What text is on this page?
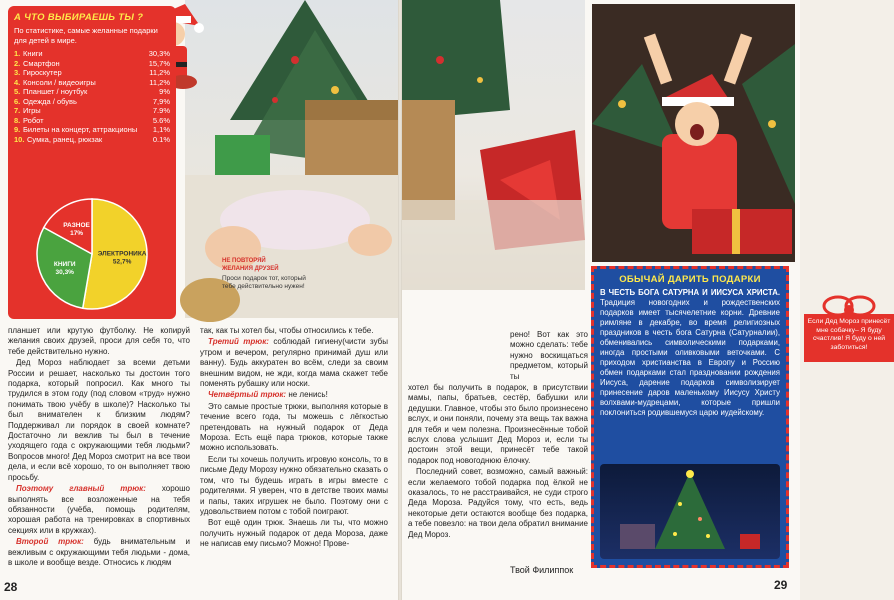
А ЧТО ВЫБИРАЕШЬ ТЫ ?
По статистике, самые желанные подарки для детей в мире.
1. Книги	30,3%
2. Смартфон	15,7%
3. Гироскутер	11,2%
4. Консоли / видеоигры	11,2%
5. Планшет / ноутбук	9%
6. Одежда / обувь	7,9%
7. Игры	7.9%
8. Робот	5.6%
9. Билеты на концерт, аттракционы	1,1%
10. Сумка, ранец, рюкзак	0.1%
ЭЛЕКТРОНИКА
52,7%
КНИГИ
30,3%
РАЗНОЕ
17%
НЕ ПОВТОРЯЙ
ЖЕЛАНИЯ ДРУЗЕЙ
Проси подарок тот, который тебе действительно нужен!

планшет или крутую футболку. Не копируй желания своих друзей, проси для себя то, что тебе действительно нужно.

Дед Мороз наблюдает за всеми детьми России и решает, насколько ты достоин того подарка, который попросил. Как много ты трудился в этом году (под словом «труд» нужно понимать твою учёбу в школе)? Насколько ты был внимателен к близким людям? Поддерживал ли порядок в своей комнате? Достаточно ли вежлив ты был в течение уходящего года с окружающими тебя людьми? Вопросов много! Дед Мороз смотрит на все твои дела, и если всё хорошо, то он выполняет твою просьбу.

Поэтому главный трюк: хорошо выполнять все возложенные на тебя обязанности (учёба, помощь родителям, хорошая работа на тренировках в спортивных секциях или в кружках).

Второй трюк: будь внимательным и вежливым с окружающими тебя людьми - дома, в школе и вообще везде. Относись к людям

так, как ты хотел бы, чтобы относились к тебе.

Третий трюк: соблюдай гигиену(чисти зубы утром и вечером, регулярно принимай душ или ванну). Будь аккуратен во всём, следи за своим внешним видом, не жди, когда мама скажет тебе поменять рубашку или носки.

Четвёртый трюк: не ленись!

Это самые простые трюки, выполняя которые в течение всего года, ты можешь с лёгкостью претендовать на нужный подарок от Деда Мороза. Есть ещё пара трюков, которые также можно использовать.

Если ты хочешь получить игровую консоль, то в письме Деду Морозу нужно обязательно сказать о том, что ты будешь играть в игры вместе с родителями. Я уверен, что в детстве твоих мамы и папы, таких игрушек не было. Поэтому они с удовольствием потом с тобой поиграют.

Вот ещё один трюк. Знаешь ли ты, что можно получить нужный подарок от деда Мороза, даже не написав ему письмо? Можно! Прове-

28
Если Дед Мороз принесёт мне собачку– Я буду счастлив! Я буду о ней заботиться!

рено! Вот как это можно сделать: тебе нужно воскищаться предметом, который ты

хотел бы получить в подарок, в присутствии мамы, папы, братьев, сестёр, бабушки или дедушки. Главное, чтобы это было произнесено вслух, и они поняли, почему эта вещь так важна для тебя и чем полезна. Произнесённые тобой вслух слова услышит Дед Мороз и, если ты достоин этой вещи, принесёт тебе такой подарок под новогоднюю ёлочку.

Последний совет, возможно, самый важный: если желаемого тобой подарка под ёлкой не оказалось, то не расстраивайся, не суди строго Деда Мороза. Радуйся тому, что есть, ведь некоторые дети остаются вообще без подарка, а тебе повезло: на твои дела обратил внимание Дед Мороз.

Твой Филиппок
ОБЫЧАЙ ДАРИТЬ ПОДАРКИ
В ЧЕСТЬ БОГА САТУРНА И ИИСУСА ХРИСТА. Традиция новогодних и рождественских подарков имеет тысячелетние корни. Древние римляне в декабре, во время религиозных праздников в честь бога Сатурна (Сатурналии), обменивались символическими подарками, иногда простыми оливковыми веточками. С приходом христианства в Европу и Россию обмен подарками стал праздновании рождения Иисуса, дарение подарков символизирует принесение даров маленькому Иисусу Христу волхвами-мудрецами, которые пришли поклониться родившемуся царю иудейскому.
29
